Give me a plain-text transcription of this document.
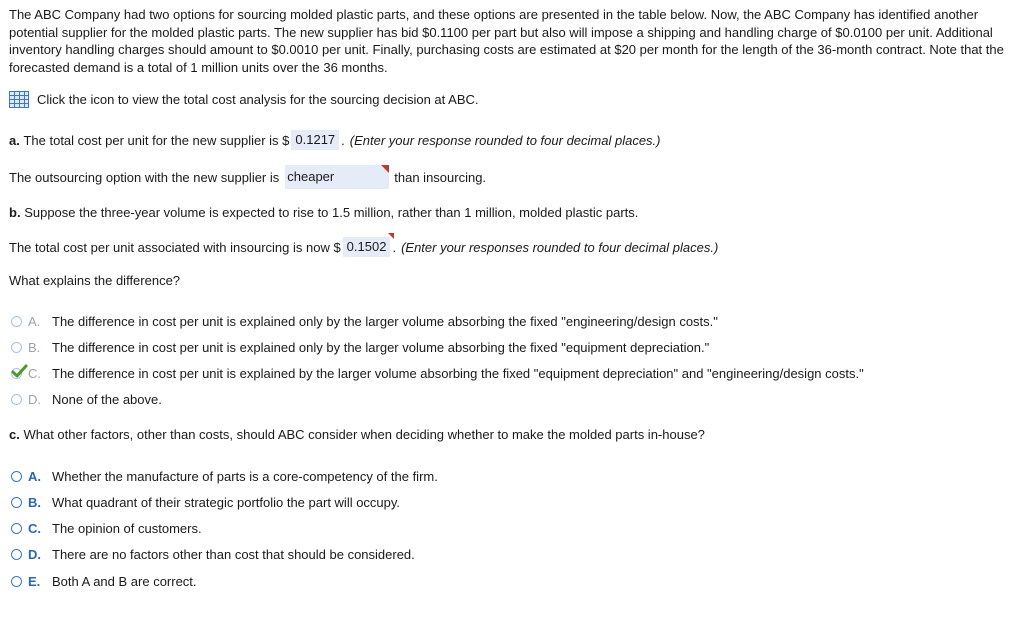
The ABC Company had two options for sourcing molded plastic parts, and these options are presented in the table below. Now, the ABC Company has identified another potential supplier for the molded plastic parts. The new supplier has bid $0.1100 per part but also will impose a shipping and handling charge of $0.0100 per unit. Additional inventory handling charges should amount to $0.0010 per unit. Finally, purchasing costs are estimated at $20 per month for the length of the 36-month contract. Note that the forecasted demand is a total of 1 million units over the 36 months.
Click the icon to view the total cost analysis for the sourcing decision at ABC.
a.
The total cost per unit for the new supplier is $ 0.1217 . (Enter your response rounded to four decimal places.)
The outsourcing option with the new supplier is cheaper	than insourcing.
b.
Suppose the three-year volume is expected to rise to 1.5 million, rather than 1 million, molded plastic parts.
The total cost per unit associated with insourcing is now $ 0.1502 . (Enter your responses rounded to four decimal places.)
What explains the difference?
A. The difference in cost per unit is explained only by the larger volume absorbing the fixed "engineering/design costs."
B. The difference in cost per unit is explained only by the larger volume absorbing the fixed "equipment depreciation."
C. The difference in cost per unit is explained by the larger volume absorbing the fixed "equipment depreciation" and "engineering/design costs."
D. None of the above.
c.
What other factors, other than costs, should ABC consider when deciding whether to make the molded parts in-house?
A. Whether the manufacture of parts is a core-competency of the firm.
B. What quadrant of their strategic portfolio the part will occupy.
C. The opinion of customers.
D. There are no factors other than cost that should be considered.
E. Both A and B are correct.
